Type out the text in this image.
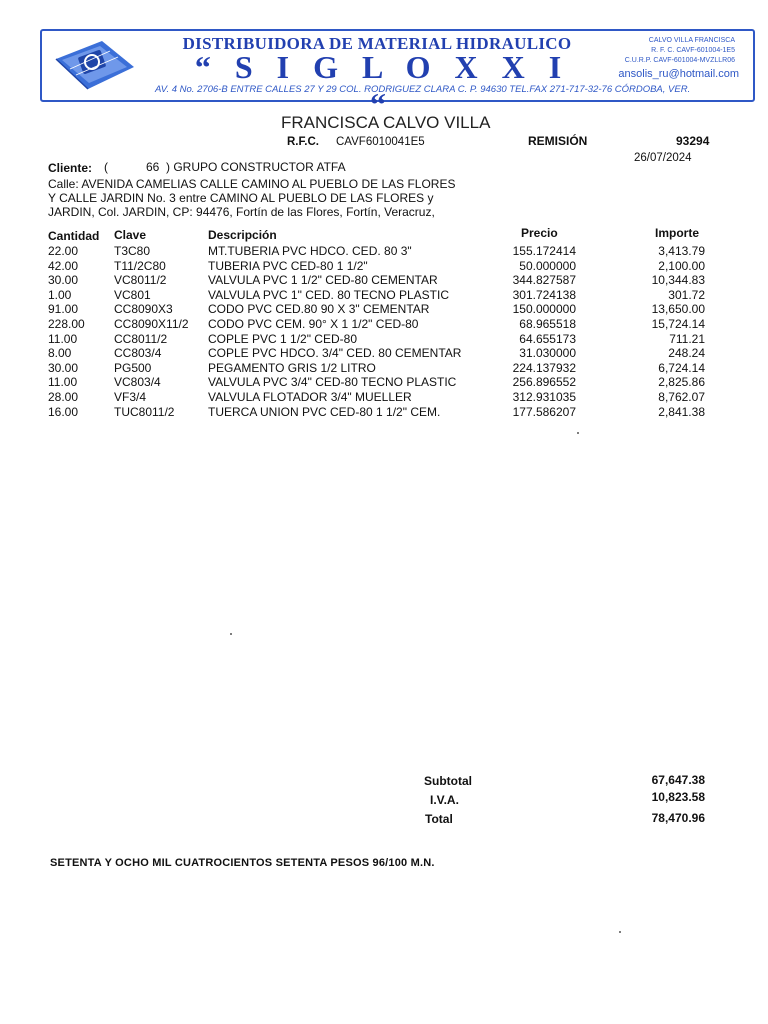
DISTRIBUIDORA DE MATERIAL HIDRAULICO
“ S I G L O X X I “
CALVO VILLA FRANCISCA
R. F. C. CAVF-601004-1E5
C.U.R.P. CAVF-601004-MVZLLR06
ansolis_ru@hotmail.com
AV. 4 No. 2706-B ENTRE CALLES 27 Y 29 COL. RODRIGUEZ CLARA C. P. 94630 TEL.FAX 271-717-32-76 CÓRDOBA, VER.
FRANCISCA CALVO VILLA
R.F.C. CAVF6010041E5	REMISIÓN	93294
26/07/2024
Cliente: (	66 ) GRUPO CONSTRUCTOR ATFA
Calle: AVENIDA CAMELIAS CALLE CAMINO AL PUEBLO DE LAS FLORES
Y CALLE JARDIN No. 3 entre CAMINO AL PUEBLO DE LAS FLORES y
JARDIN, Col. JARDIN, CP: 94476, Fortín de las Flores, Fortín, Veracruz,
Cantidad Clave	Descripción	Precio	Importe
22.00	T3C80	MT.TUBERIA PVC HDCO. CED. 80 3"	155.172414	3,413.79
42.00	T11/2C80	TUBERIA PVC CED-80 1 1/2"	50.000000	2,100.00
30.00	VC8011/2	VALVULA PVC 1 1/2" CED-80 CEMENTAR	344.827587	10,344.83
1.00	VC801	VALVULA PVC 1" CED. 80 TECNO PLASTIC	301.724138	301.72
91.00	CC8090X3	CODO PVC CED.80 90 X 3" CEMENTAR	150.000000	13,650.00
228.00 CC8090X11/2 CODO PVC CEM. 90° X 1 1/2" CED-80	68.965518	15,724.14
11.00	CC8011/2	COPLE PVC 1 1/2" CED-80	64.655173	711.21
8.00	CC803/4	COPLE PVC HDCO. 3/4" CED. 80 CEMENTAR	31.030000	248.24
30.00	PG500	PEGAMENTO GRIS 1/2 LITRO	224.137932	6,724.14
11.00	VC803/4	VALVULA PVC 3/4" CED-80 TECNO PLASTIC	256.896552	2,825.86
28.00	VF3/4	VALVULA FLOTADOR 3/4" MUELLER	312.931035	8,762.07
16.00	TUC8011/2	TUERCA UNION PVC CED-80 1 1/2" CEM.	177.586207	2,841.38
Subtotal	67,647.38
I.V.A.	10,823.58
Total	78,470.96
SETENTA Y OCHO MIL CUATROCIENTOS SETENTA PESOS 96/100 M.N.
